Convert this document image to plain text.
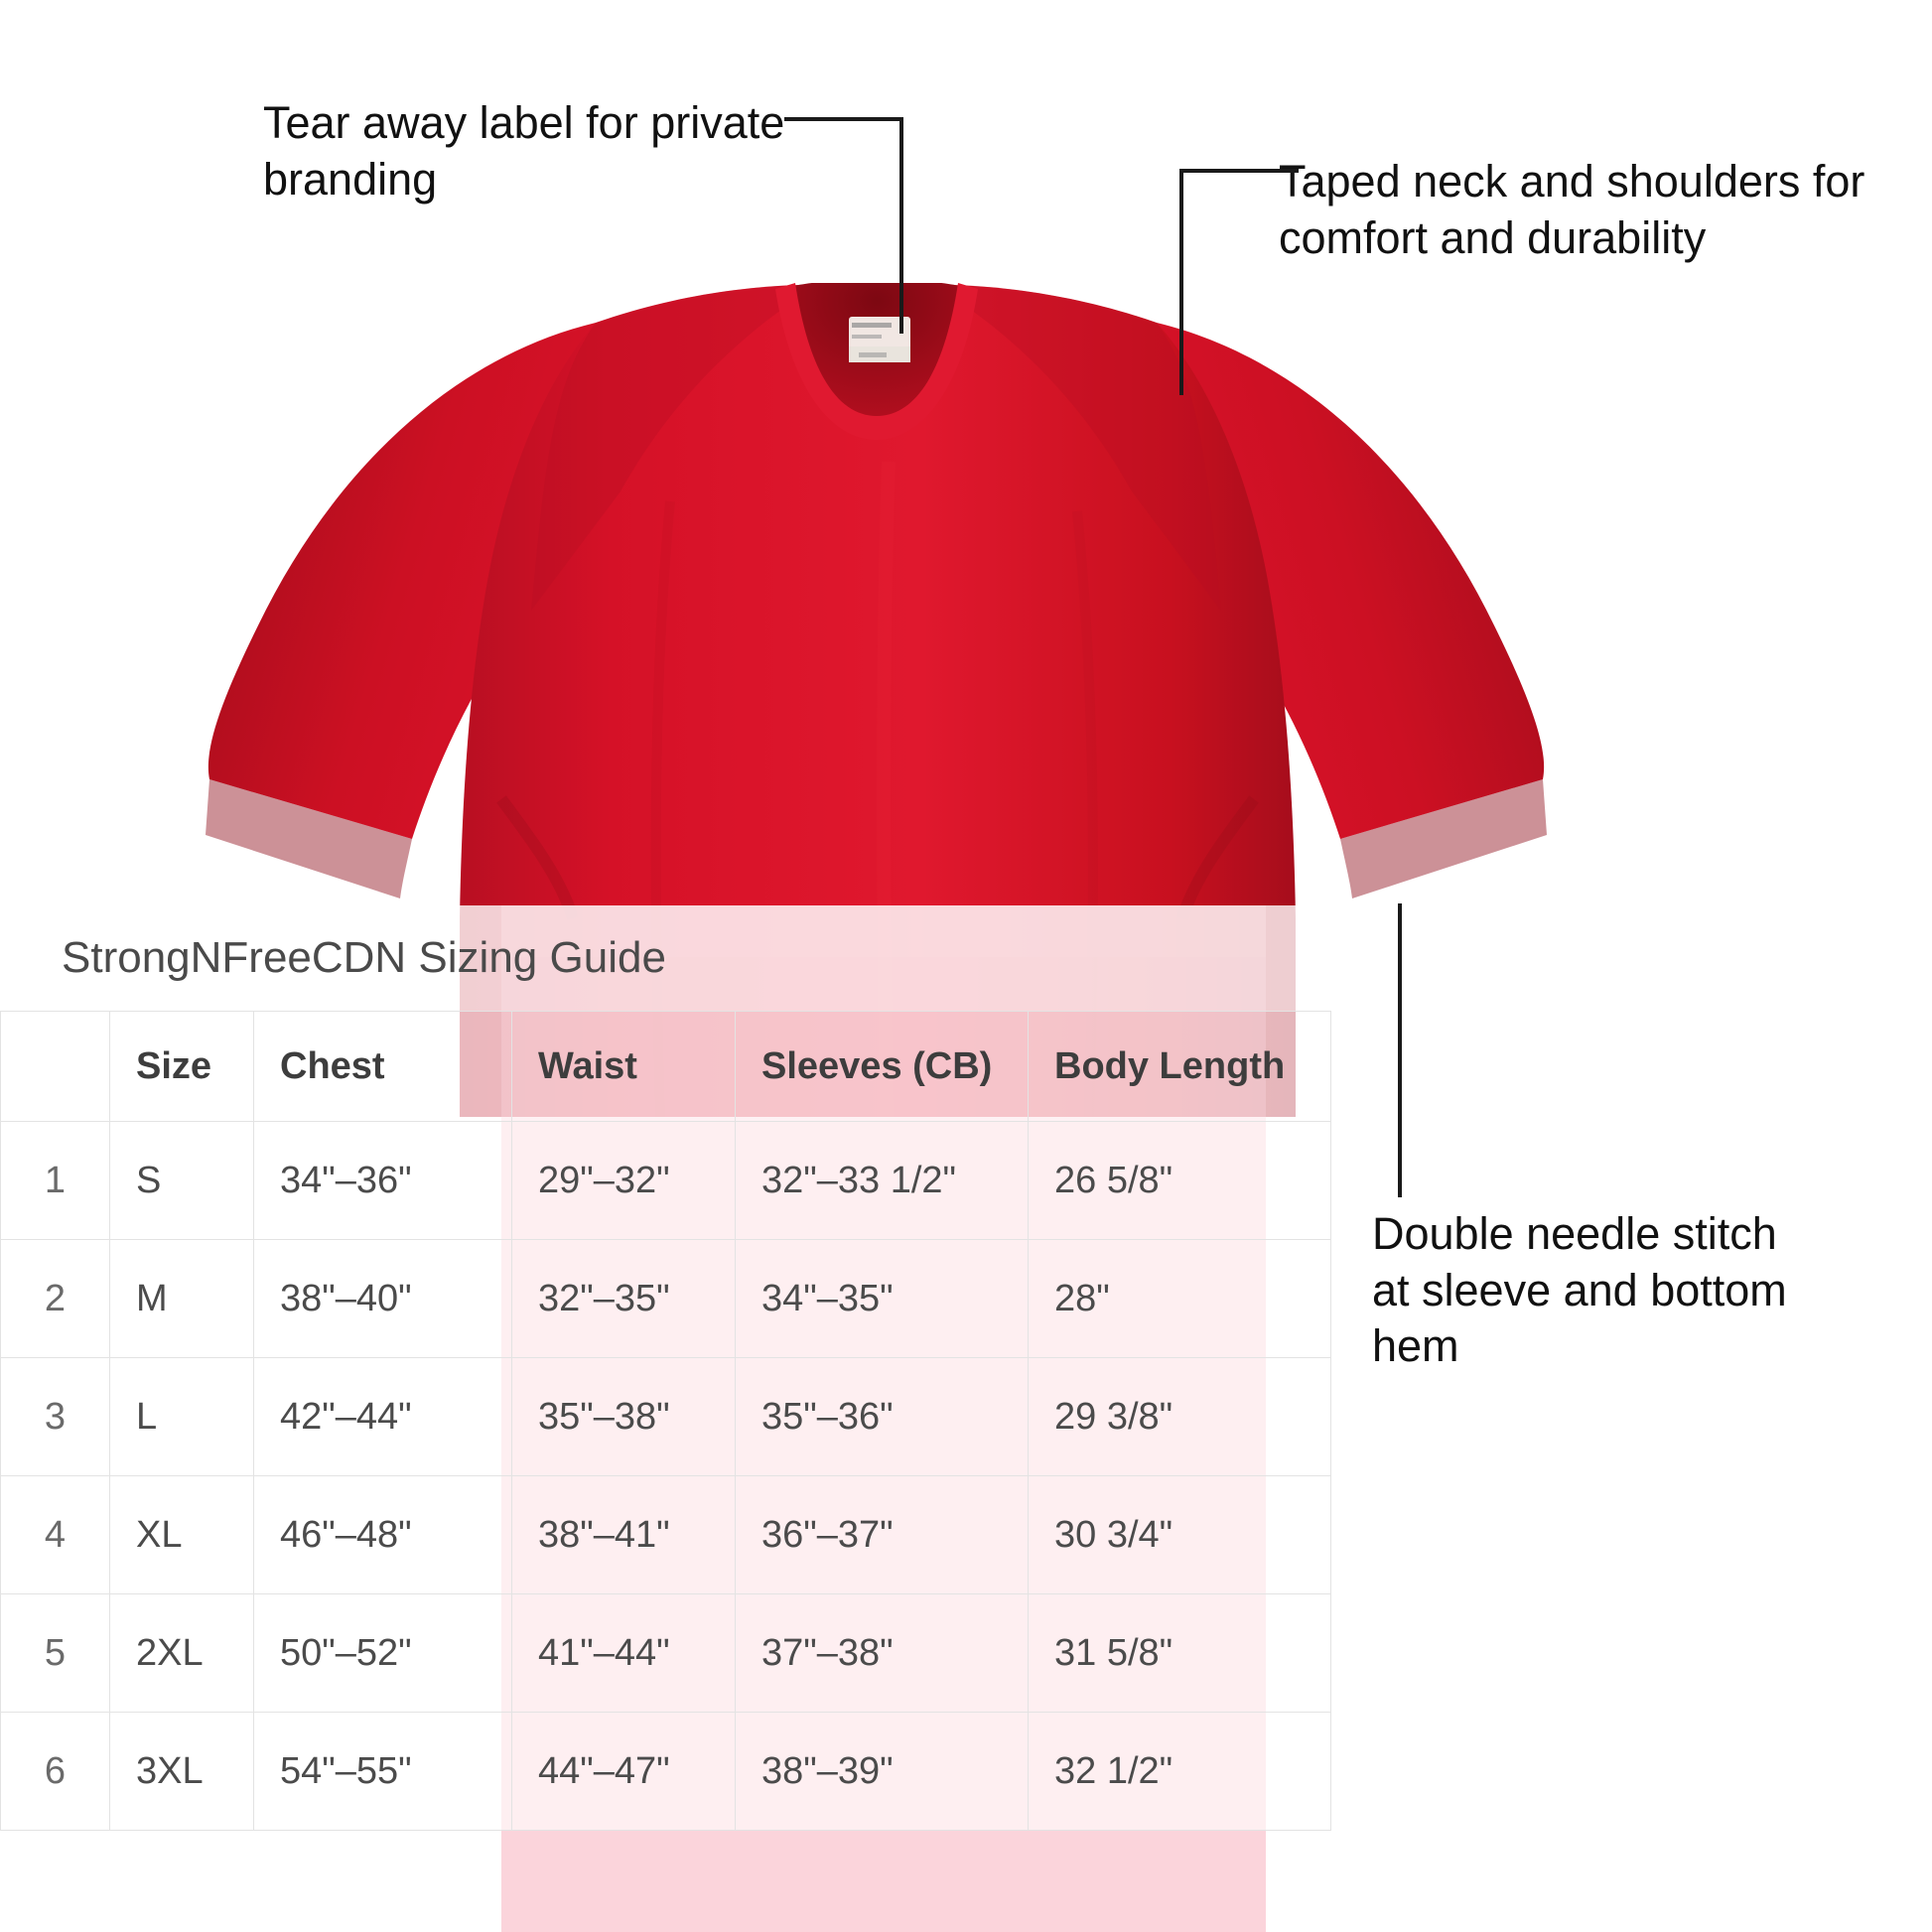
Tear away label for private branding	Taped neck and shoulders for comfort and durability
Double needle stitch at sleeve and bottom hem
StrongNFreeCDN Sizing Guide
	Size	Chest	Waist	Sleeves (CB)	Body Length
1	S	34"–36"	29"–32"	32"–33 1/2"	26 5/8"
2	M	38"–40"	32"–35"	34"–35"	28"
3	L	42"–44"	35"–38"	35"–36"	29 3/8"
4	XL	46"–48"	38"–41"	36"–37"	30 3/4"
5	2XL	50"–52"	41"–44"	37"–38"	31 5/8"
6	3XL	54"–55"	44"–47"	38"–39"	32 1/2"
